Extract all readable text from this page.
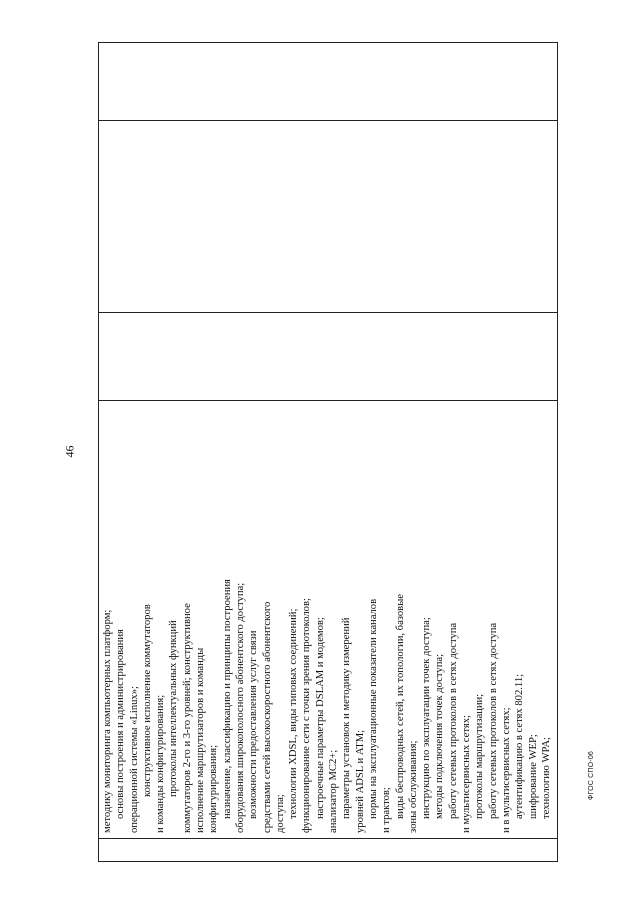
46
методику мониторинга компьютерных платформ; основы построения и администрирования операционной системы «Linux»; конструктивное исполнение коммутаторов и команды конфигурирования; протоколы интеллектуальных функций коммутаторов 2-го и 3-го уровней; конструктивное исполнение маршрутизаторов и команды конфигурирования; назначение, классификацию и принципы построения оборудования широкополосного абонентского доступа; возможности предоставления услуг связи средствами сетей высокоскоростного абонентского доступа; технологии XDSL, виды типовых соединений; функционирование сети с точки зрения протоколов; настроечные параметры DSLAM и модемов; анализатор MC2+; параметры установок и методику измерений уровней ADSL и ATM; нормы на эксплуатационные показатели каналов и трактов; виды беспроводных сетей, их топологии, базовые зоны обслуживания; инструкцию по эксплуатации точек доступа; методы подключения точек доступа; работу сетевых протоколов в сетях доступа и мультисервисных сетях; протоколы маршрутизации; работу сетевых протоколов в сетях доступа и в мультисервисных сетях; аутентификацию в сетях 802.11; шифрование WEP; технологию WPA;	ФГОС СПО-06
